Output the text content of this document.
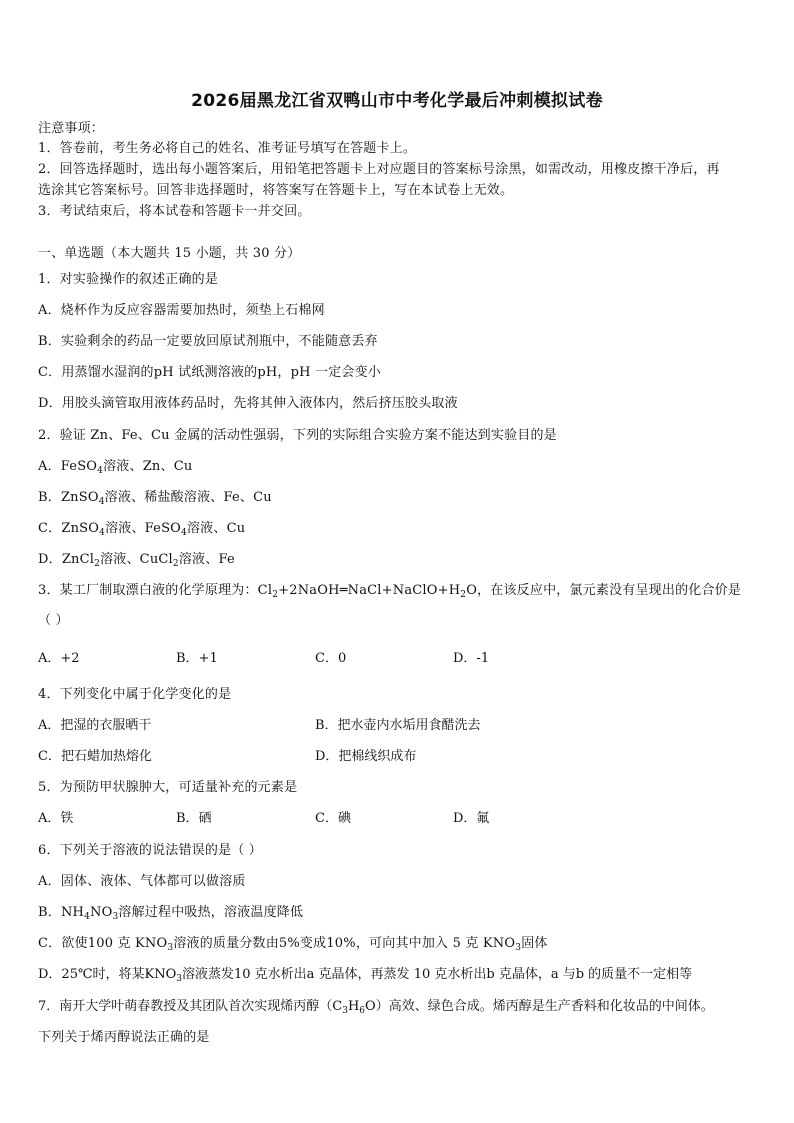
2026届黑龙江省双鸭山市中考化学最后冲刺模拟试卷
注意事项：
1．答卷前，考生务必将自己的姓名、准考证号填写在答题卡上。
2．回答选择题时，选出每小题答案后，用铅笔把答题卡上对应题目的答案标号涂黑，如需改动，用橡皮擦干净后，再
选涂其它答案标号。回答非选择题时，将答案写在答题卡上，写在本试卷上无效。
3．考试结束后，将本试卷和答题卡一并交回。
一、单选题（本大题共 15 小题，共 30 分）
1．对实验操作的叙述正确的是
A．烧杯作为反应容器需要加热时，须垫上石棉网
B．实验剩余的药品一定要放回原试剂瓶中，不能随意丢弃
C．用蒸馏水湿润的pH 试纸测溶液的pH，pH 一定会变小
D．用胶头滴管取用液体药品时，先将其伸入液体内，然后挤压胶头取液
2．验证 Zn、Fe、Cu 金属的活动性强弱，下列的实际组合实验方案不能达到实验目的是
A．FeSO$_4$溶液、Zn、Cu
B．ZnSO$_4$溶液、稀盐酸溶液、Fe、Cu
C．ZnSO$_4$溶液、FeSO$_4$溶液、Cu
D．ZnCl$_2$溶液、CuCl$_2$溶液、Fe
3．某工厂制取漂白液的化学原理为：$Cl_2+2NaOH═NaCl+NaClO+H_2O$，在该反应中，氯元素没有呈现出的化合价是
（ ）
A．+2	B．+1	C．0	D．-1
4．下列变化中属于化学变化的是
A．把湿的衣服晒干	B．把水壶内水垢用食醋洗去
C．把石蜡加热熔化	D．把棉线织成布
5．为预防甲状腺肿大，可适量补充的元素是
A．铁	B．硒	C．碘	D．氟
6．下列关于溶液的说法错误的是（ ）
A．固体、液体、气体都可以做溶质
B．$NH_4NO_3$溶解过程中吸热，溶液温度降低
C．欲使100 克 $KNO_3$溶液的质量分数由5%变成10%，可向其中加入 5 克 $KNO_3$固体
D．25℃时，将某$KNO_3$溶液蒸发10 克水析出a 克晶体，再蒸发 10 克水析出b 克晶体，a 与b 的质量不一定相等
7．南开大学叶萌春教授及其团队首次实现烯丙醇$(C_3H_6O)$高效、绿色合成。烯丙醇是生产香料和化妆品的中间体。
下列关于烯丙醇说法正确的是
